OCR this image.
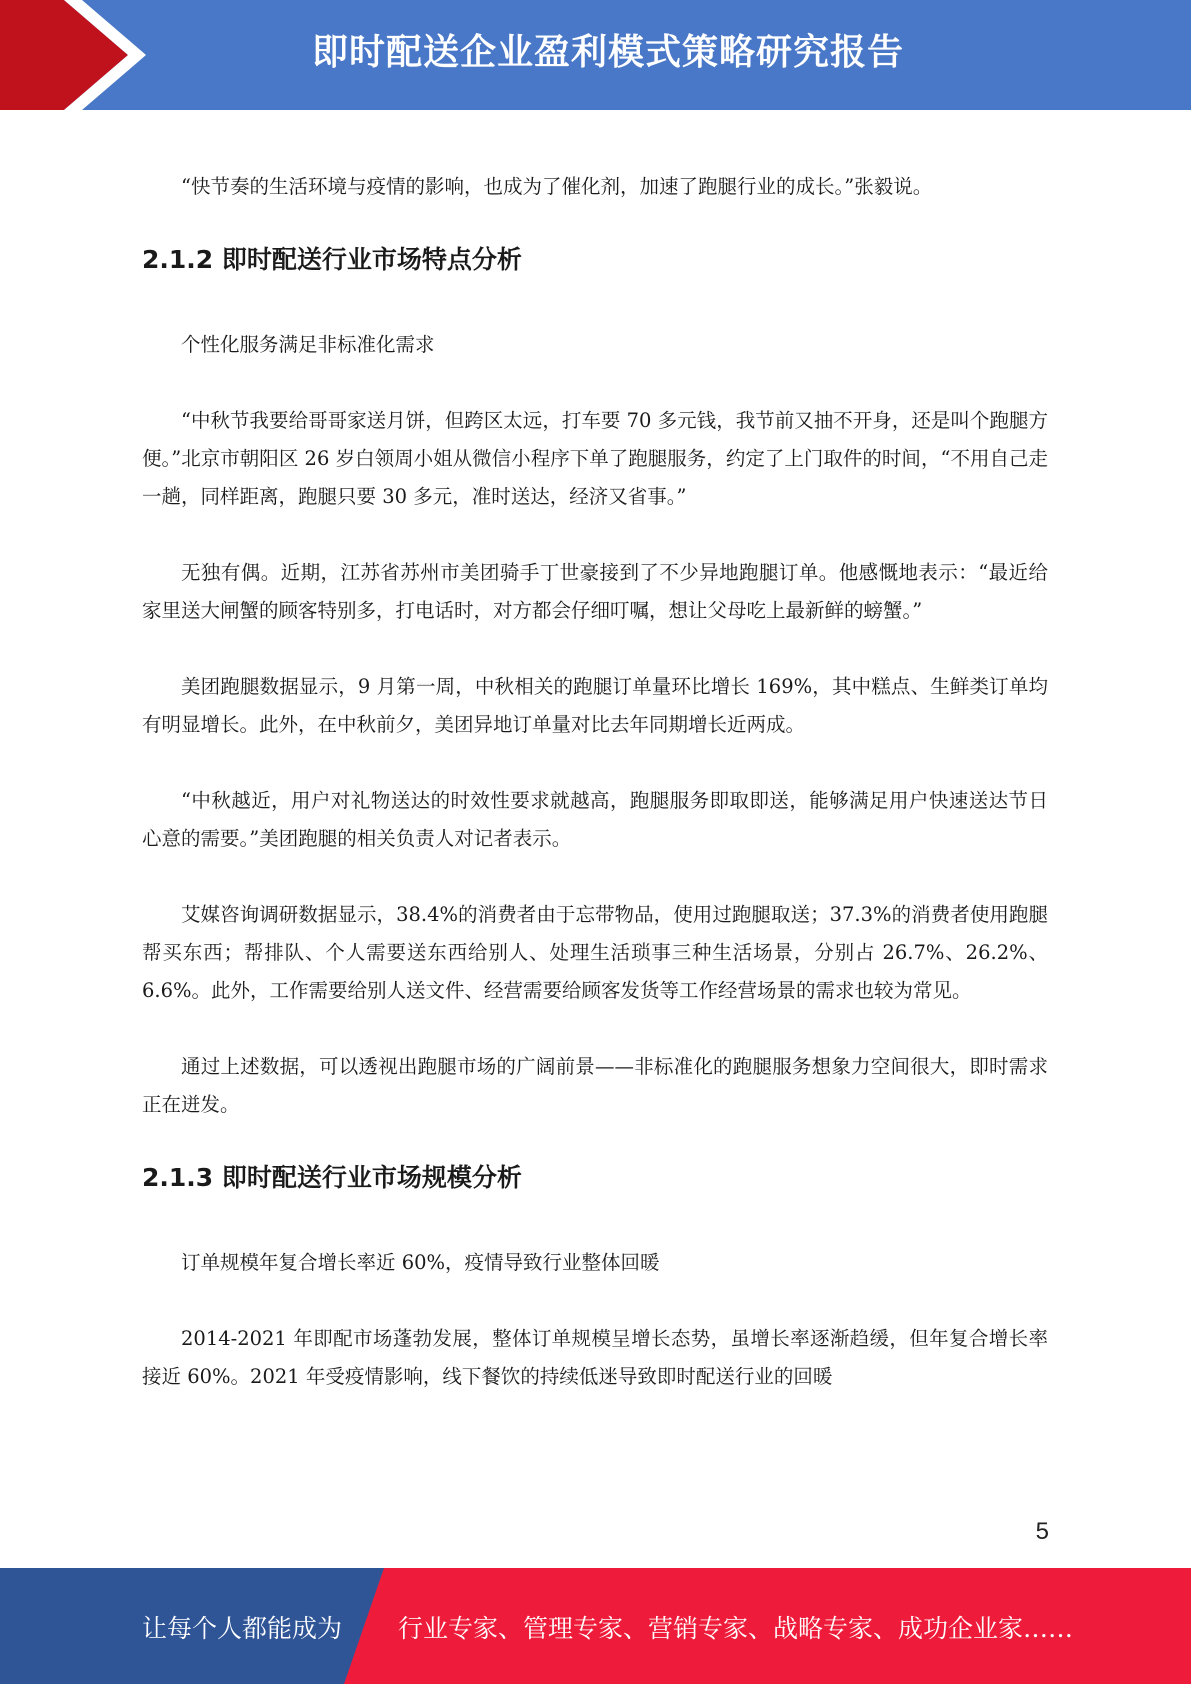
即时配送企业盈利模式策略研究报告

“快节奏的生活环境与疫情的影响，也成为了催化剂，加速了跑腿行业的成长。”张毅说。

2.1.2 即时配送行业市场特点分析

个性化服务满足非标准化需求

“中秋节我要给哥哥家送月饼，但跨区太远，打车要 70 多元钱，我节前又抽不开身，还是叫个跑腿方便。”北京市朝阳区 26 岁白领周小姐从微信小程序下单了跑腿服务，约定了上门取件的时间，“不用自己走一趟，同样距离，跑腿只要 30 多元，准时送达，经济又省事。”

无独有偶。近期，江苏省苏州市美团骑手丁世豪接到了不少异地跑腿订单。他感慨地表示：“最近给家里送大闸蟹的顾客特别多，打电话时，对方都会仔细叮嘱，想让父母吃上最新鲜的螃蟹。”

美团跑腿数据显示，9 月第一周，中秋相关的跑腿订单量环比增长 169%，其中糕点、生鲜类订单均有明显增长。此外，在中秋前夕，美团异地订单量对比去年同期增长近两成。

“中秋越近，用户对礼物送达的时效性要求就越高，跑腿服务即取即送，能够满足用户快速送达节日心意的需要。”美团跑腿的相关负责人对记者表示。

艾媒咨询调研数据显示，38.4%的消费者由于忘带物品，使用过跑腿取送；37.3%的消费者使用跑腿帮买东西；帮排队、个人需要送东西给别人、处理生活琐事三种生活场景，分别占 26.7%、26.2%、6.6%。此外，工作需要给别人送文件、经营需要给顾客发货等工作经营场景的需求也较为常见。

通过上述数据，可以透视出跑腿市场的广阔前景——非标准化的跑腿服务想象力空间很大，即时需求正在迸发。

2.1.3 即时配送行业市场规模分析

订单规模年复合增长率近 60%，疫情导致行业整体回暖

2014-2021 年即配市场蓬勃发展，整体订单规模呈增长态势，虽增长率逐渐趋缓，但年复合增长率接近 60%。2021 年受疫情影响，线下餐饮的持续低迷导致即时配送行业的回暖

5
让每个人都能成为 行业专家、管理专家、营销专家、战略专家、成功企业家……
